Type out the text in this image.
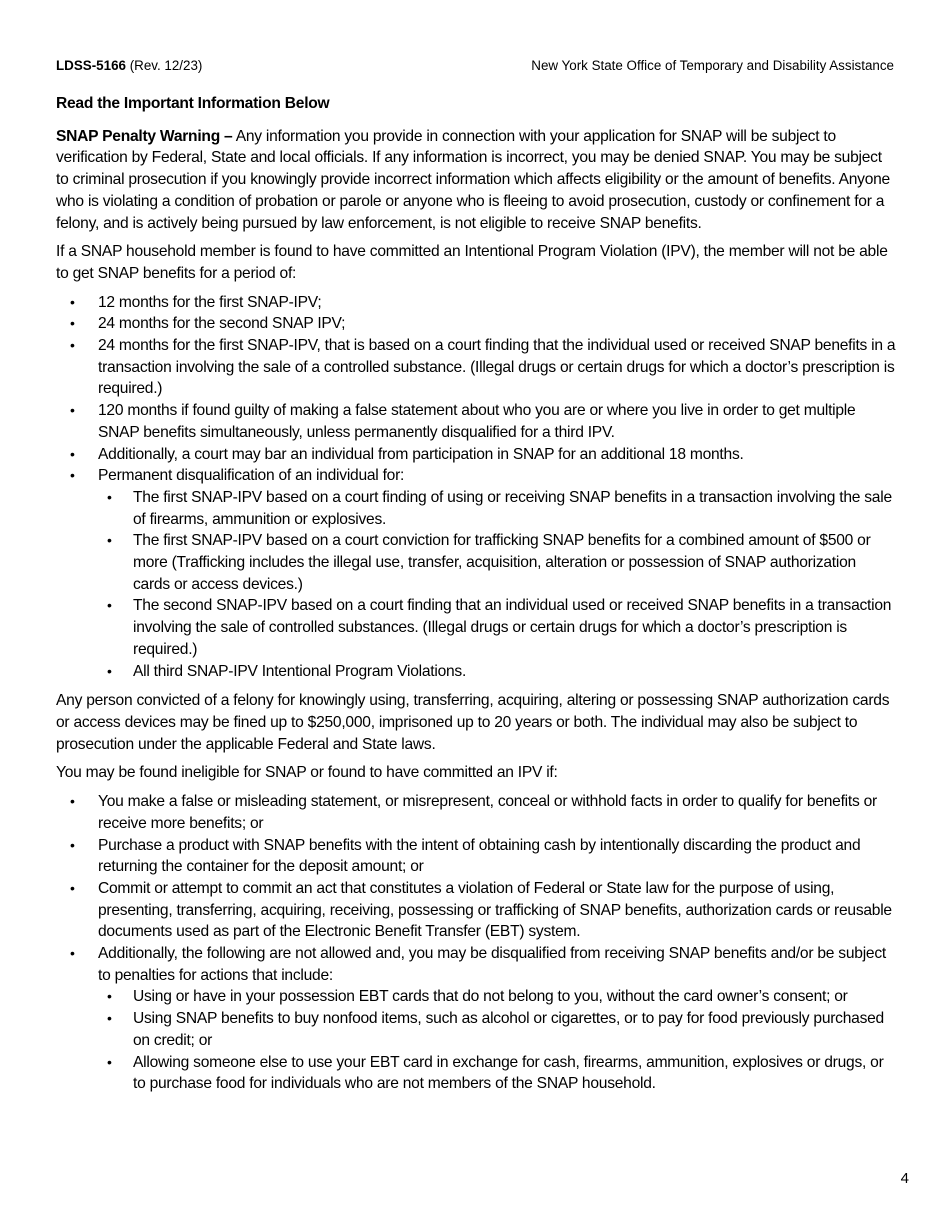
LDSS-5166 (Rev. 12/23)	New York State Office of Temporary and Disability Assistance

Read the Important Information Below

SNAP Penalty Warning – Any information you provide in connection with your application for SNAP will be subject to verification by Federal, State and local officials. If any information is incorrect, you may be denied SNAP. You may be subject to criminal prosecution if you knowingly provide incorrect information which affects eligibility or the amount of benefits. Anyone who is violating a condition of probation or parole or anyone who is fleeing to avoid prosecution, custody or confinement for a felony, and is actively being pursued by law enforcement, is not eligible to receive SNAP benefits.

If a SNAP household member is found to have committed an Intentional Program Violation (IPV), the member will not be able to get SNAP benefits for a period of:

• 12 months for the first SNAP-IPV;
• 24 months for the second SNAP IPV;
• 24 months for the first SNAP-IPV, that is based on a court finding that the individual used or received SNAP benefits in a transaction involving the sale of a controlled substance. (Illegal drugs or certain drugs for which a doctor’s prescription is required.)
• 120 months if found guilty of making a false statement about who you are or where you live in order to get multiple SNAP benefits simultaneously, unless permanently disqualified for a third IPV.
• Additionally, a court may bar an individual from participation in SNAP for an additional 18 months.
• Permanent disqualification of an individual for:
• The first SNAP-IPV based on a court finding of using or receiving SNAP benefits in a transaction involving the sale of firearms, ammunition or explosives.
• The first SNAP-IPV based on a court conviction for trafficking SNAP benefits for a combined amount of $500 or more (Trafficking includes the illegal use, transfer, acquisition, alteration or possession of SNAP authorization cards or access devices.)
• The second SNAP-IPV based on a court finding that an individual used or received SNAP benefits in a transaction involving the sale of controlled substances. (Illegal drugs or certain drugs for which a doctor’s prescription is required.)
• All third SNAP-IPV Intentional Program Violations.

Any person convicted of a felony for knowingly using, transferring, acquiring, altering or possessing SNAP authorization cards or access devices may be fined up to $250,000, imprisoned up to 20 years or both. The individual may also be subject to prosecution under the applicable Federal and State laws.

You may be found ineligible for SNAP or found to have committed an IPV if:

• You make a false or misleading statement, or misrepresent, conceal or withhold facts in order to qualify for benefits or receive more benefits; or
• Purchase a product with SNAP benefits with the intent of obtaining cash by intentionally discarding the product and returning the container for the deposit amount; or
• Commit or attempt to commit an act that constitutes a violation of Federal or State law for the purpose of using, presenting, transferring, acquiring, receiving, possessing or trafficking of SNAP benefits, authorization cards or reusable documents used as part of the Electronic Benefit Transfer (EBT) system.
• Additionally, the following are not allowed and, you may be disqualified from receiving SNAP benefits and/or be subject to penalties for actions that include:
• Using or have in your possession EBT cards that do not belong to you, without the card owner’s consent; or
• Using SNAP benefits to buy nonfood items, such as alcohol or cigarettes, or to pay for food previously purchased on credit; or
• Allowing someone else to use your EBT card in exchange for cash, firearms, ammunition, explosives or drugs, or to purchase food for individuals who are not members of the SNAP household.
4
